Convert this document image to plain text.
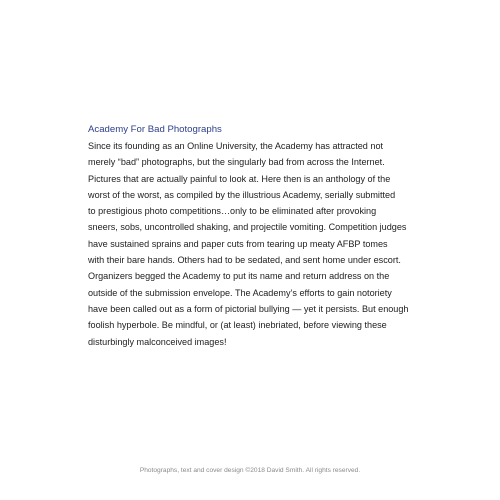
Academy For Bad Photographs
Since its founding as an Online University, the Academy has attracted not
merely “bad” photographs, but the singularly bad from across the Internet.
Pictures that are actually painful to look at. Here then is an anthology of the
worst of the worst, as compiled by the illustrious Academy, serially submitted
to prestigious photo competitions…only to be eliminated after provoking
sneers, sobs, uncontrolled shaking, and projectile vomiting. Competition judges
have sustained sprains and paper cuts from tearing up meaty AFBP tomes
with their bare hands. Others had to be sedated, and sent home under escort.
Organizers begged the Academy to put its name and return address on the
outside of the submission envelope. The Academy’s efforts to gain notoriety
have been called out as a form of pictorial bullying — yet it persists. But enough
foolish hyperbole. Be mindful, or (at least) inebriated, before viewing these
disturbingly malconceived images!
Photographs, text and cover design ©2018 David Smith. All rights reserved.
